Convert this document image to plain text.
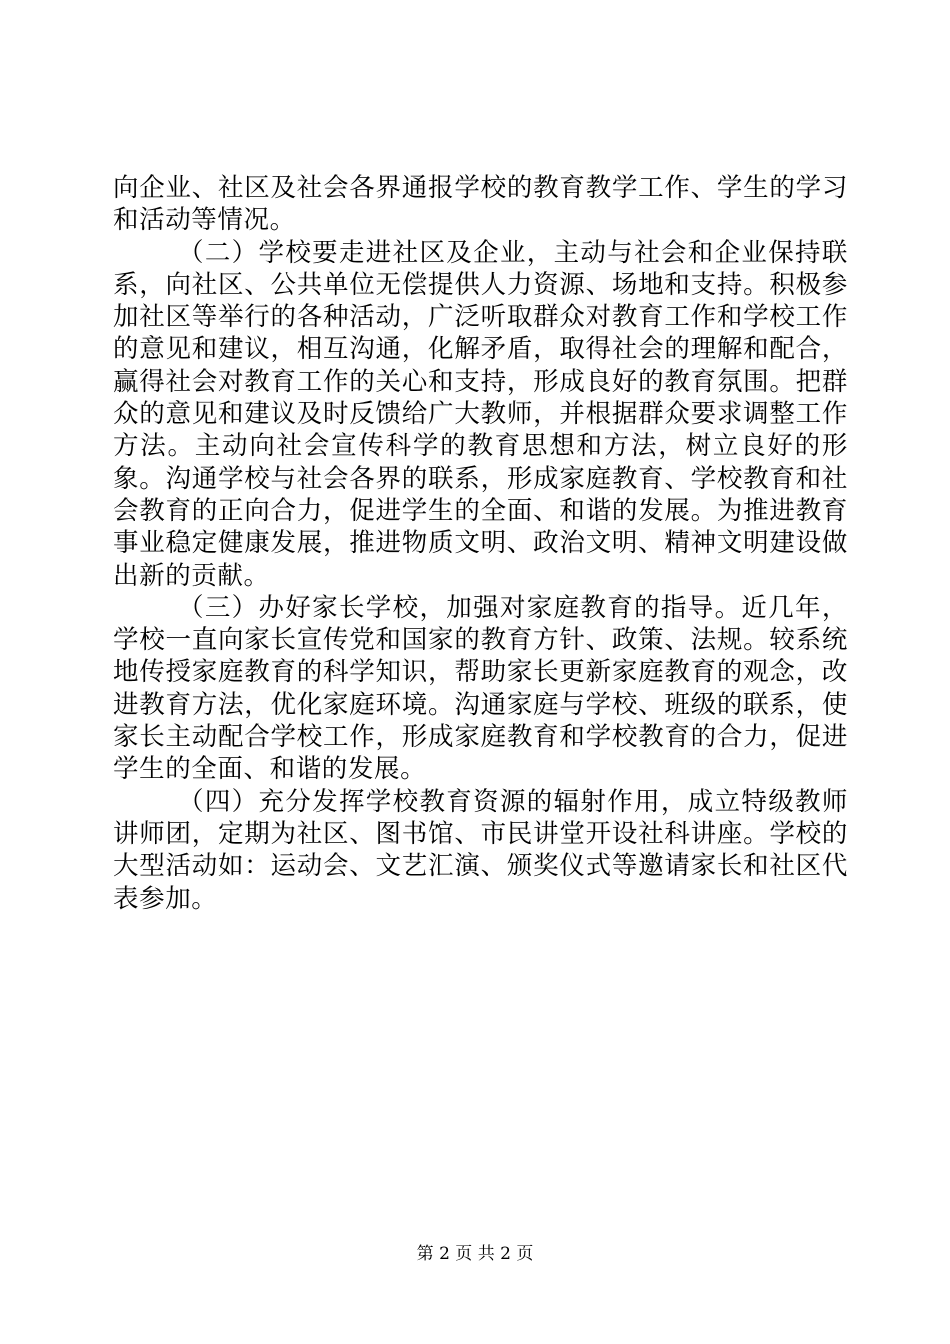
向企业、社区及社会各界通报学校的教育教学工作、学生的学习和活动等情况。

（二）学校要走进社区及企业，主动与社会和企业保持联系，向社区、公共单位无偿提供人力资源、场地和支持。积极参加社区等举行的各种活动，广泛听取群众对教育工作和学校工作的意见和建议，相互沟通，化解矛盾，取得社会的理解和配合，赢得社会对教育工作的关心和支持，形成良好的教育氛围。把群众的意见和建议及时反馈给广大教师，并根据群众要求调整工作方法。主动向社会宣传科学的教育思想和方法，树立良好的形象。沟通学校与社会各界的联系，形成家庭教育、学校教育和社会教育的正向合力，促进学生的全面、和谐的发展。为推进教育事业稳定健康发展，推进物质文明、政治文明、精神文明建设做出新的贡献。

（三）办好家长学校，加强对家庭教育的指导。近几年，学校一直向家长宣传党和国家的教育方针、政策、法规。较系统地传授家庭教育的科学知识，帮助家长更新家庭教育的观念，改进教育方法，优化家庭环境。沟通家庭与学校、班级的联系，使家长主动配合学校工作，形成家庭教育和学校教育的合力，促进学生的全面、和谐的发展。

（四）充分发挥学校教育资源的辐射作用，成立特级教师讲师团，定期为社区、图书馆、市民讲堂开设社科讲座。学校的大型活动如：运动会、文艺汇演、颁奖仪式等邀请家长和社区代表参加。

第 2 页 共 2 页
